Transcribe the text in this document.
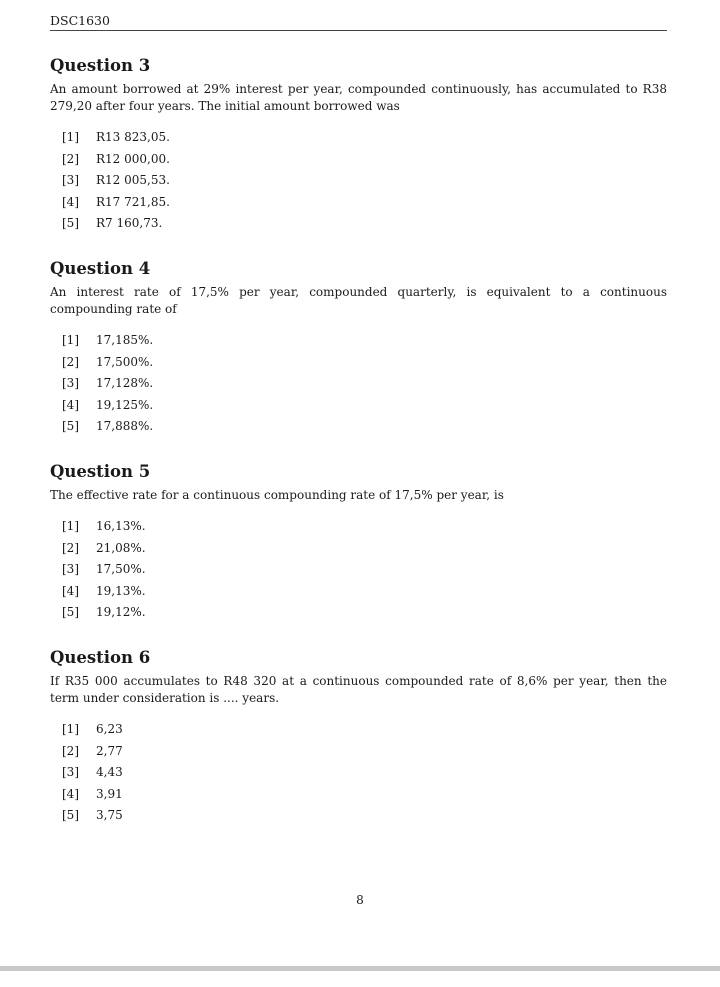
DSC1630
Question 3

An amount borrowed at 29% interest per year, compounded continuously, has accumulated to R38 279,20 after four years. The initial amount borrowed was

[1] R13 823,05.
[2] R12 000,00.
[3] R12 005,53.
[4] R17 721,85.
[5] R7 160,73.
Question 4

An interest rate of 17,5% per year, compounded quarterly, is equivalent to a continuous compounding rate of

[1] 17,185%.
[2] 17,500%.
[3] 17,128%.
[4] 19,125%.
[5] 17,888%.
Question 5

The effective rate for a continuous compounding rate of 17,5% per year, is

[1] 16,13%.
[2] 21,08%.
[3] 17,50%.
[4] 19,13%.
[5] 19,12%.
Question 6

If R35 000 accumulates to R48 320 at a continuous compounded rate of 8,6% per year, then the term under consideration is .... years.

[1] 6,23
[2] 2,77
[3] 4,43
[4] 3,91
[5] 3,75
8
